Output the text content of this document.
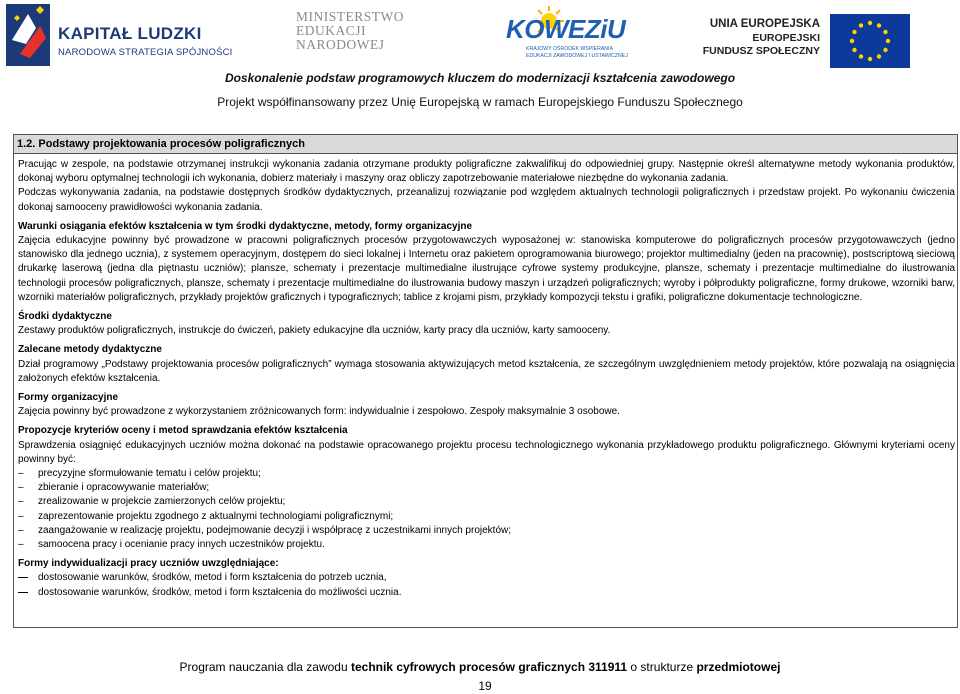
KAPITAŁ LUDZKI
NARODOWA STRATEGIA SPÓJNOŚCI
MINISTERSTWO
EDUKACJI
NARODOWEJ
KOWEZiU
KRAJOWY OŚRODEK WSPIERANIA
EDUKACJI ZAWODOWEJ I USTAWICZNEJ
UNIA EUROPEJSKA
EUROPEJSKI
FUNDUSZ SPOŁECZNY
Doskonalenie podstaw programowych kluczem do modernizacji kształcenia zawodowego
Projekt współfinansowany przez Unię Europejską w ramach Europejskiego Funduszu Społecznego
1.2. Podstawy projektowania procesów poligraficznych

Pracując w zespole, na podstawie otrzymanej instrukcji wykonania zadania otrzymane produkty poligraficzne zakwalifikuj do odpowiedniej grupy. Następnie określ alternatywne metody wykonania produktów, dokonaj wyboru optymalnej technologii ich wykonania, dobierz materiały i maszyny oraz obliczy zapotrzebowanie materiałowe niezbędne do wykonania zadania.

Podczas wykonywania zadania, na podstawie dostępnych środków dydaktycznych, przeanalizuj rozwiązanie pod względem aktualnych technologii poligraficznych i przedstaw projekt. Po wykonaniu ćwiczenia dokonaj samooceny prawidłowości wykonania zadania.

Warunki osiągania efektów kształcenia w tym środki dydaktyczne, metody, formy organizacyjne

Zajęcia edukacyjne powinny być prowadzone w pracowni poligraficznych procesów przygotowawczych wyposażonej w: stanowiska komputerowe do poligraficznych procesów przygotowawczych (jedno stanowisko dla jednego uczniа), z systemem operacyjnym, dostępem do sieci lokalnej i Internetu oraz pakietem oprogramowania biurowego; projektor multimedialny (jeden na pracownię), postscriptową sieciową drukarkę laserową (jedna dla piętnastu uczniów); plansze, schematy i prezentacje multimedialne ilustrujące cyfrowe systemy produkcyjne, plansze, schematy i prezentacje multimedialne do ilustrowania technologii procesów poligraficznych, plansze, schematy i prezentacje multimedialne do ilustrowania budowy maszyn i urządzeń poligraficznych; wyroby i półprodukty poligraficzne, formy drukowe, wzorniki barw, wzorniki materiałów poligraficznych, przykłady projektów graficznych i typograficznych; tablice z krojami pism, przykłady kompozycji tekstu i grafiki, poligraficzne dokumentacje technologiczne.

Środki dydaktyczne

Zestawy produktów poligraficznych, instrukcje do ćwiczeń, pakiety edukacyjne dla uczniów, karty pracy dla uczniów, karty samooceny.

Zalecane metody dydaktyczne

Dział programowy „Podstawy projektowania procesów poligraficznych” wymaga stosowania aktywizujących metod kształcenia, ze szczególnym uwzględnieniem metody projektów, które pozwalają na osiągnięcia założonych efektów kształcenia.

Formy organizacyjne

Zajęcia powinny być prowadzone z wykorzystaniem zróżnicowanych form: indywidualnie i zespołowo. Zespoły maksymalnie 3 osobowe.

Propozycje kryteriów oceny i metod sprawdzania efektów kształcenia

Sprawdzenia osiągnięć edukacyjnych uczniów można dokonać na podstawie opracowanego projektu procesu technologicznego wykonania przykładowego produktu poligraficznego. Głównymi kryteriami oceny powinny być:

– precyzyjne sformułowanie tematu i celów projektu;
– zbieranie i opracowywanie materiałów;
– zrealizowanie w projekcie zamierzonych celów projektu;
– zaprezentowanie projektu zgodnego z aktualnymi technologiami poligraficznymi;
– zaangażowanie w realizację projektu, podejmowanie decyzji i współpracę z uczestnikami innych projektów;
– samoocena pracy i ocenianie pracy innych uczestników projektu.
Formy indywidualizacji pracy uczniów uwzględniające:
— dostosowanie warunków, środków, metod i form kształcenia do potrzeb ucznia,
— dostosowanie warunków, środków, metod i form kształcenia do możliwości ucznia.
Program nauczania dla zawodu technik cyfrowych procesów graficznych 311911 o strukturze przedmiotowej
19
